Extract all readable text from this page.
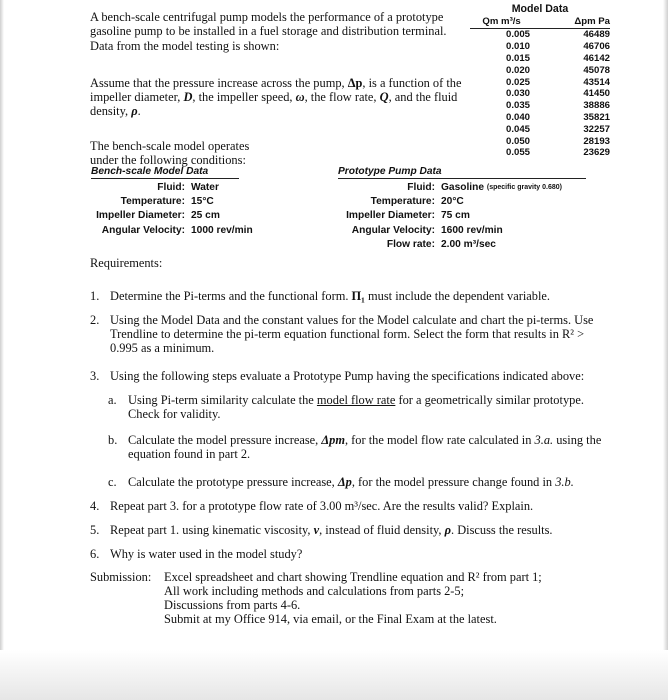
A bench-scale centrifugal pump models the performance of a prototype gasoline pump to be installed in a fuel storage and distribution terminal. Data from the model testing is shown:

Assume that the pressure increase across the pump, Δp, is a function of the impeller diameter, D, the impeller speed, ω, the flow rate, Q, and the fluid density, ρ.

The bench-scale model operates under the following conditions:

Model Data
Qm m³/s	Δpm Pa
0.005	46489
0.010	46706
0.015	46142
0.020	45078
0.025	43514
0.030	41450
0.035	38886
0.040	35821
0.045	32257
0.050	28193
0.055	23629
Bench-scale Model Data
Fluid: Water
Temperature: 15°C
Impeller Diameter: 25 cm
Angular Velocity: 1000 rev/min
Prototype Pump Data
Fluid: Gasoline
(specific gravity 0.680)
Temperature: 20°C
Impeller Diameter: 75 cm
Angular Velocity: 1600 rev/min
Flow rate: 2.00 m³/sec

Requirements:

1. Determine the Pi-terms and the functional form. Π₁ must include the dependent variable.
2. Using the Model Data and the constant values for the Model calculate and chart the pi-terms. Use Trendline to determine the pi-term equation functional form. Select the form that results in R² > 0.995 as a minimum.
3. Using the following steps evaluate a Prototype Pump having the specifications indicated above:
a. Using Pi-term similarity calculate the model flow rate for a geometrically similar prototype. Check for validity.
b. Calculate the model pressure increase, Δpm, for the model flow rate calculated in 3.a. using the equation found in part 2.
c. Calculate the prototype pressure increase, Δp, for the model pressure change found in 3.b.
4. Repeat part 3. for a prototype flow rate of 3.00 m³/sec. Are the results valid? Explain.
5. Repeat part 1. using kinematic viscosity, ν, instead of fluid density, ρ. Discuss the results.
6. Why is water used in the model study?
Submission:	Excel spreadsheet and chart showing Trendline equation and R² from part 1;
All work including methods and calculations from parts 2-5;
Discussions from parts 4-6.
Submit at my Office 914, via email, or the Final Exam at the latest.
